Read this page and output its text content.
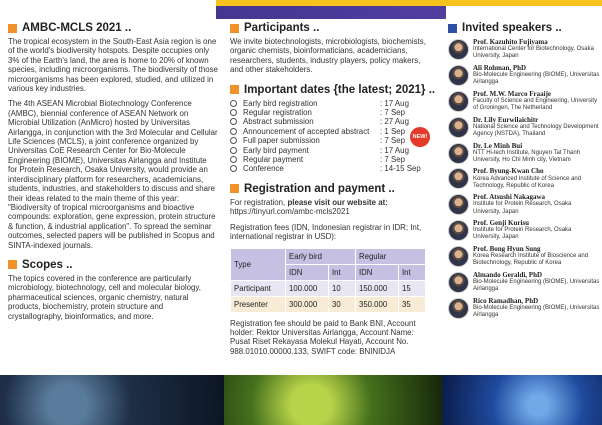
AMBC-MCLS 2021 ..

The tropical ecosystem in the South-East Asia region is one of the world's biodiversity hotspots. Despite occupies only 3% of the Earth's land, the area is home to 20% of known species, including microorganisms. The biodiversity of those microorganisms has been explored, studied, and utilized in various key industries.

The 4th ASEAN Microbial Biotechnology Conference (AMBC), biennial conference of ASEAN Network on Microbial Utilization (AnMicro) hosted by Universitas Airlangga, in conjunction with the 3rd Molecular and Cellular Life Sciences (MCLS), a joint conference organized by Universitas CoE Research Center for Bio-Molecule Engineering (BIOME), Universitas Airlangga and Institute for Protein Research, Osaka University, would provide an interdisciplinary platform for researchers, academicians, students, industries, and stakeholders to discuss and share their ideas related to the main theme of this year: "Biodiversity of tropical microorganisms and bioactive compounds: exploration, gene expression, protein structure & function, & industrial application". To spread the seminar outcomes, selected papers will be published in Scopus and SINTA-indexed journals.

Scopes ..

The topics covered in the conference are particularly microbiology, biotechnology, cell and molecular biology, pharmaceutical sciences, organic chemistry, natural products, biochemistry, protein structure and crystallography, bioinformatics, and more.

Participants ..

We invite biotechnologists, microbiologists, biochemists, organic chemists, bioinformaticians, academicians, researchers, students, industry players, policy makers, and other stakeholders.

Important dates {the latest; 2021} ..
Early bird registration	: 17 Aug
Regular registration	: 7 Sep
Abstract submission	: 27 Aug
Announcement of accepted abstract	: 1 Sep
Full paper submission	: 7 Sep
Early bird payment	: 17 Aug
Regular payment	: 7 Sep
Conference	: 14-15 Sep
Registration and payment ..

For registration, please visit our website at:
https://tinyurl.com/ambc-mcls2021

Registration fees (IDN, Indonesian registrar in IDR; Int, international registrar in USD):

Type	Early bird		Regular	
	IDN	Int	IDN	Int
Participant	100.000	10	150.000	15
Presenter	300.000	30	350.000	35

Registration fee should be paid to Bank BNI, Account holder: Rektor Universitas Airlangga, Account Name: Pusat Riset Rekayasa Molekul Hayati, Account No. 988.01010.00000.133, SWIFT code: BNINIDJA

NEW!
Invited speakers ..
Prof. Kazuhito Fujiyama
International Center for Biotechnology, Osaka University, Japan
Ali Rohman, PhD
Bio-Molecule Engineering (BIOME), Universitas Airlangga
Prof. M.W. Marco Fraaije
Faculty of Science and Engineering, University of Groningen, The Netherland
Dr. Lily Eurwilaichitr
National Science and Technology Development Agency (NSTDA), Thailand
Dr. Le Minh Bui
NTT Hi-tech Institute, Nguyen Tat Thanh University, Ho Chi Minh city, Vietnam
Prof. Byung-Kwan Cho
Korea Advanced Institute of Science and Technology, Republic of Korea
Prof. Atsushi Nakagawa
Institute for Protein Research, Osaka University, Japan
Prof. Genji Kurisu
Institute for Protein Research, Osaka University, Japan
Prof. Bong Hyun Sung
Korea Research Institute of Bioscience and Biotechnology, Republic of Korea
Almando Geraldi, PhD
Bio-Molecule Engineering (BIOME), Universitas Airlangga
Rico Ramadhan, PhD
Bio-Molecule Engineering (BIOME), Universitas Airlangga
